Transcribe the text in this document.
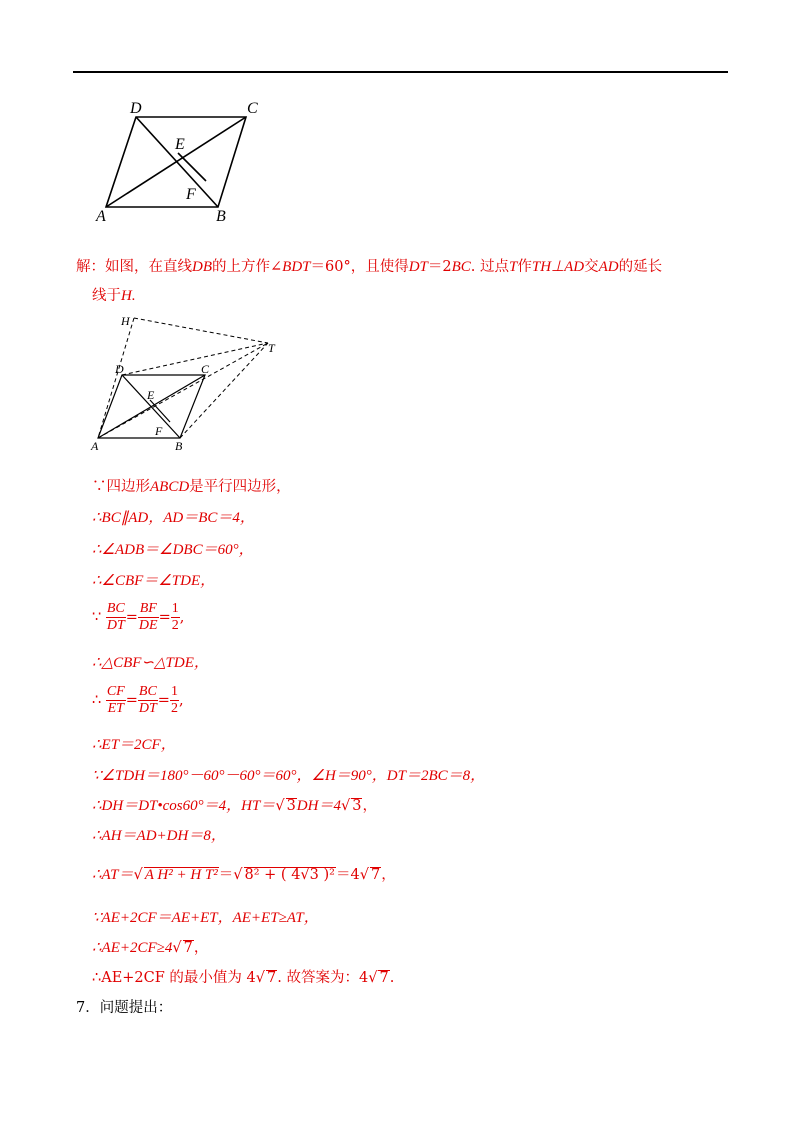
D	C
E
F
A	B
解：如图，在直线DB的上方作∠BDT＝60°，且使得DT＝2BC. 过点T作TH⊥AD交AD的延长
线于H.
H
T
D	C
E
F
A	B
∵四边形ABCD是平行四边形，
∴BC∥AD，AD＝BC＝4，
∴∠ADB＝∠DBC＝60°，
∴∠CBF＝∠TDE，
∵ $\frac{BC}{DT} = \frac{BF}{DE} = \frac{1}{2}$ ,
∴△CBF∽△TDE，
∴ $\frac{CF}{ET} = \frac{BC}{DT} = \frac{1}{2}$ ,
∴ET＝2CF，
∵∠TDH＝180°－60°－60°＝60°，∠H＝90°，DT＝2BC＝8，
∴DH＝DT•cos60°＝4，HT＝√ 3DH＝4√ 3，
∴AH＝AD+DH＝8，
∴AT＝√ A H² + H T²＝√ 8² + ( 4√3 )²＝4√ 7，
∵AE+2CF＝AE+ET，AE+ET≥AT，
∴AE+2CF≥4√ 7，
∴AE+2CF 的最小值为 4√ 7. 故答案为：4√ 7.
7．问题提出：
